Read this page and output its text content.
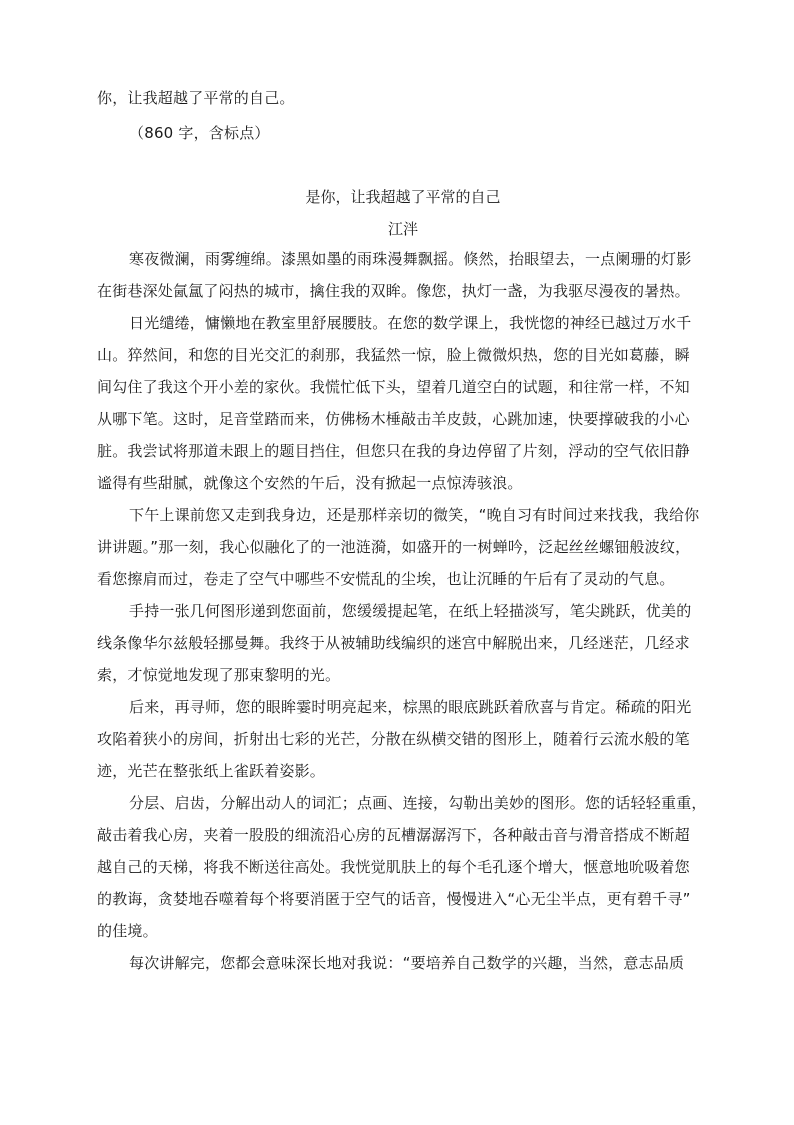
你，让我超越了平常的自己。
（860 字，含标点）
是你，让我超越了平常的自己
江泮
寒夜微澜，雨雾缠绵。漆黑如墨的雨珠漫舞飘摇。倏然，抬眼望去，一点阑珊的灯影
在街巷深处氤氲了闷热的城市，擒住我的双眸。像您，执灯一盏，为我驱尽漫夜的暑热。
日光缱绻，慵懒地在教室里舒展腰肢。在您的数学课上，我恍惚的神经已越过万水千
山。猝然间，和您的目光交汇的刹那，我猛然一惊，脸上微微炽热，您的目光如葛藤，瞬
间勾住了我这个开小差的家伙。我慌忙低下头，望着几道空白的试题，和往常一样，不知
从哪下笔。这时，足音堂踏而来，仿佛杨木棰敲击羊皮鼓，心跳加速，快要撑破我的小心
脏。我尝试将那道未跟上的题目挡住，但您只在我的身边停留了片刻，浮动的空气依旧静
谧得有些甜腻，就像这个安然的午后，没有掀起一点惊涛骇浪。
下午上课前您又走到我身边，还是那样亲切的微笑，“晚自习有时间过来找我，我给你
讲讲题。”那一刻，我心似融化了的一池涟漪，如盛开的一树蝉吟，泛起丝丝螺钿般波纹，
看您擦肩而过，卷走了空气中哪些不安慌乱的尘埃，也让沉睡的午后有了灵动的气息。
手持一张几何图形递到您面前，您缓缓提起笔，在纸上轻描淡写，笔尖跳跃，优美的
线条像华尔兹般轻挪曼舞。我终于从被辅助线编织的迷宫中解脱出来，几经迷茫，几经求
索，才惊觉地发现了那束黎明的光。
后来，再寻师，您的眼眸霎时明亮起来，棕黑的眼底跳跃着欣喜与肯定。稀疏的阳光
攻陷着狭小的房间，折射出七彩的光芒，分散在纵横交错的图形上，随着行云流水般的笔
迹，光芒在整张纸上雀跃着姿影。
分层、启齿，分解出动人的词汇；点画、连接，勾勒出美妙的图形。您的话轻轻重重，
敲击着我心房，夹着一股股的细流沿心房的瓦槽潺潺泻下，各种敲击音与滑音搭成不断超
越自己的天梯，将我不断送往高处。我恍觉肌肤上的每个毛孔逐个增大，惬意地吮吸着您
的教诲，贪婪地吞噬着每个将要消匿于空气的话音，慢慢进入“心无尘半点，更有碧千寻”
的佳境。
每次讲解完，您都会意味深长地对我说：“要培养自己数学的兴趣，当然，意志品质
